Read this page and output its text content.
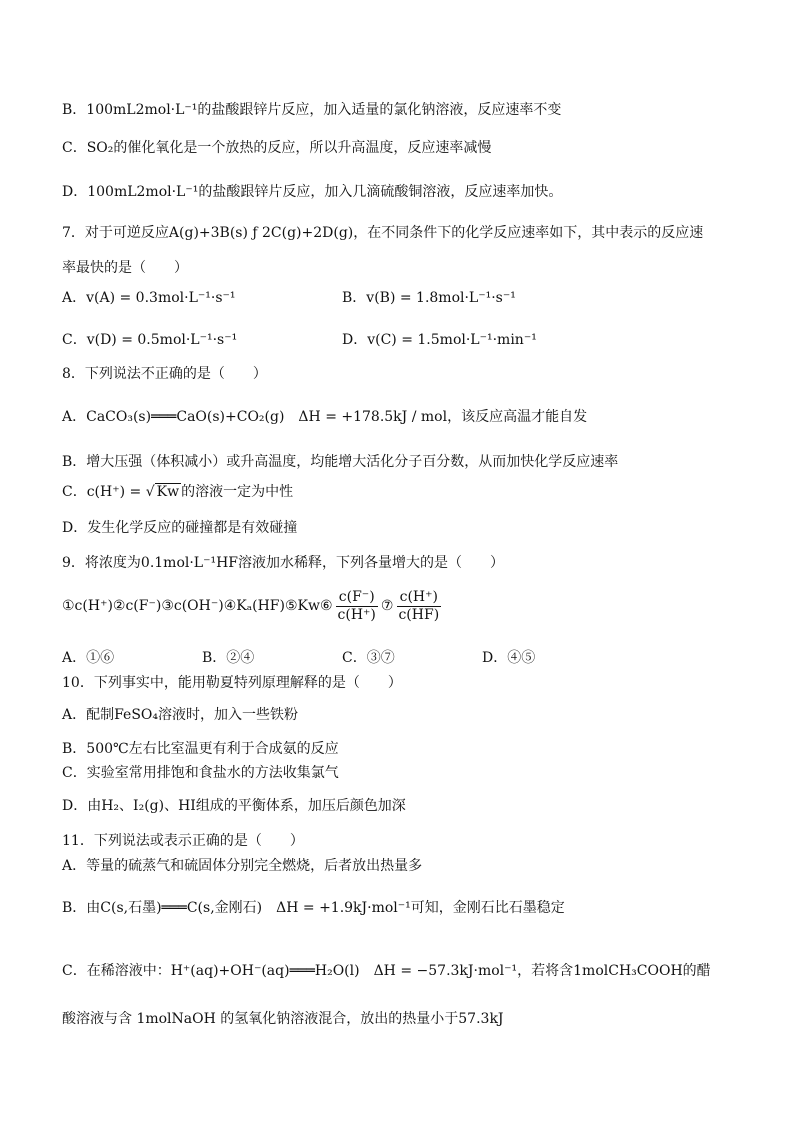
B．100mL2mol·L⁻¹的盐酸跟锌片反应，加入适量的氯化钠溶液，反应速率不变
C．SO₂的催化氧化是一个放热的反应，所以升高温度，反应速率减慢
D．100mL2mol·L⁻¹的盐酸跟锌片反应，加入几滴硫酸铜溶液，反应速率加快。
7．对于可逆反应A(g)+3B(s) ƒ 2C(g)+2D(g)，在不同条件下的化学反应速率如下，其中表示的反应速
率最快的是（　　）
A．v(A) = 0.3mol·L⁻¹·s⁻¹	B．v(B) = 1.8mol·L⁻¹·s⁻¹
C．v(D) = 0.5mol·L⁻¹·s⁻¹	D．v(C) = 1.5mol·L⁻¹·min⁻¹
8．下列说法不正确的是（　　）
A．CaCO₃(s)═══CaO(s)+CO₂(g)　ΔH = +178.5kJ / mol，该反应高温才能自发
B．增大压强（体积减小）或升高温度，均能增大活化分子百分数，从而加快化学反应速率
C．c(H⁺) = √ Kw 的溶液一定为中性
D．发生化学反应的碰撞都是有效碰撞
9．将浓度为0.1mol·L⁻¹HF溶液加水稀释，下列各量增大的是（　　）
①c(H⁺)②c(F⁻)③c(OH⁻)④Kₐ(HF)⑤Kw⑥ $\frac{c(F^-)}{c(H^+)}$ ⑦ $\frac{c(H^+)}{c(HF)}$
A．①⑥	B．②④	C．③⑦	D．④⑤
10．下列事实中，能用勒夏特列原理解释的是（　　）
A．配制FeSO₄溶液时，加入一些铁粉
B．500℃左右比室温更有利于合成氨的反应
C．实验室常用排饱和食盐水的方法收集氯气
D．由H₂、I₂(g)、HI组成的平衡体系，加压后颜色加深
11．下列说法或表示正确的是（　　）
A．等量的硫蒸气和硫固体分别完全燃烧，后者放出热量多
B．由C(s,石墨)═══C(s,金刚石)　ΔH = +1.9kJ·mol⁻¹可知，金刚石比石墨稳定
C．在稀溶液中：H⁺(aq)+OH⁻(aq)═══H₂O(l)　ΔH = −57.3kJ·mol⁻¹，若将含1molCH₃COOH的醋
酸溶液与含 1molNaOH 的氢氧化钠溶液混合，放出的热量小于57.3kJ
